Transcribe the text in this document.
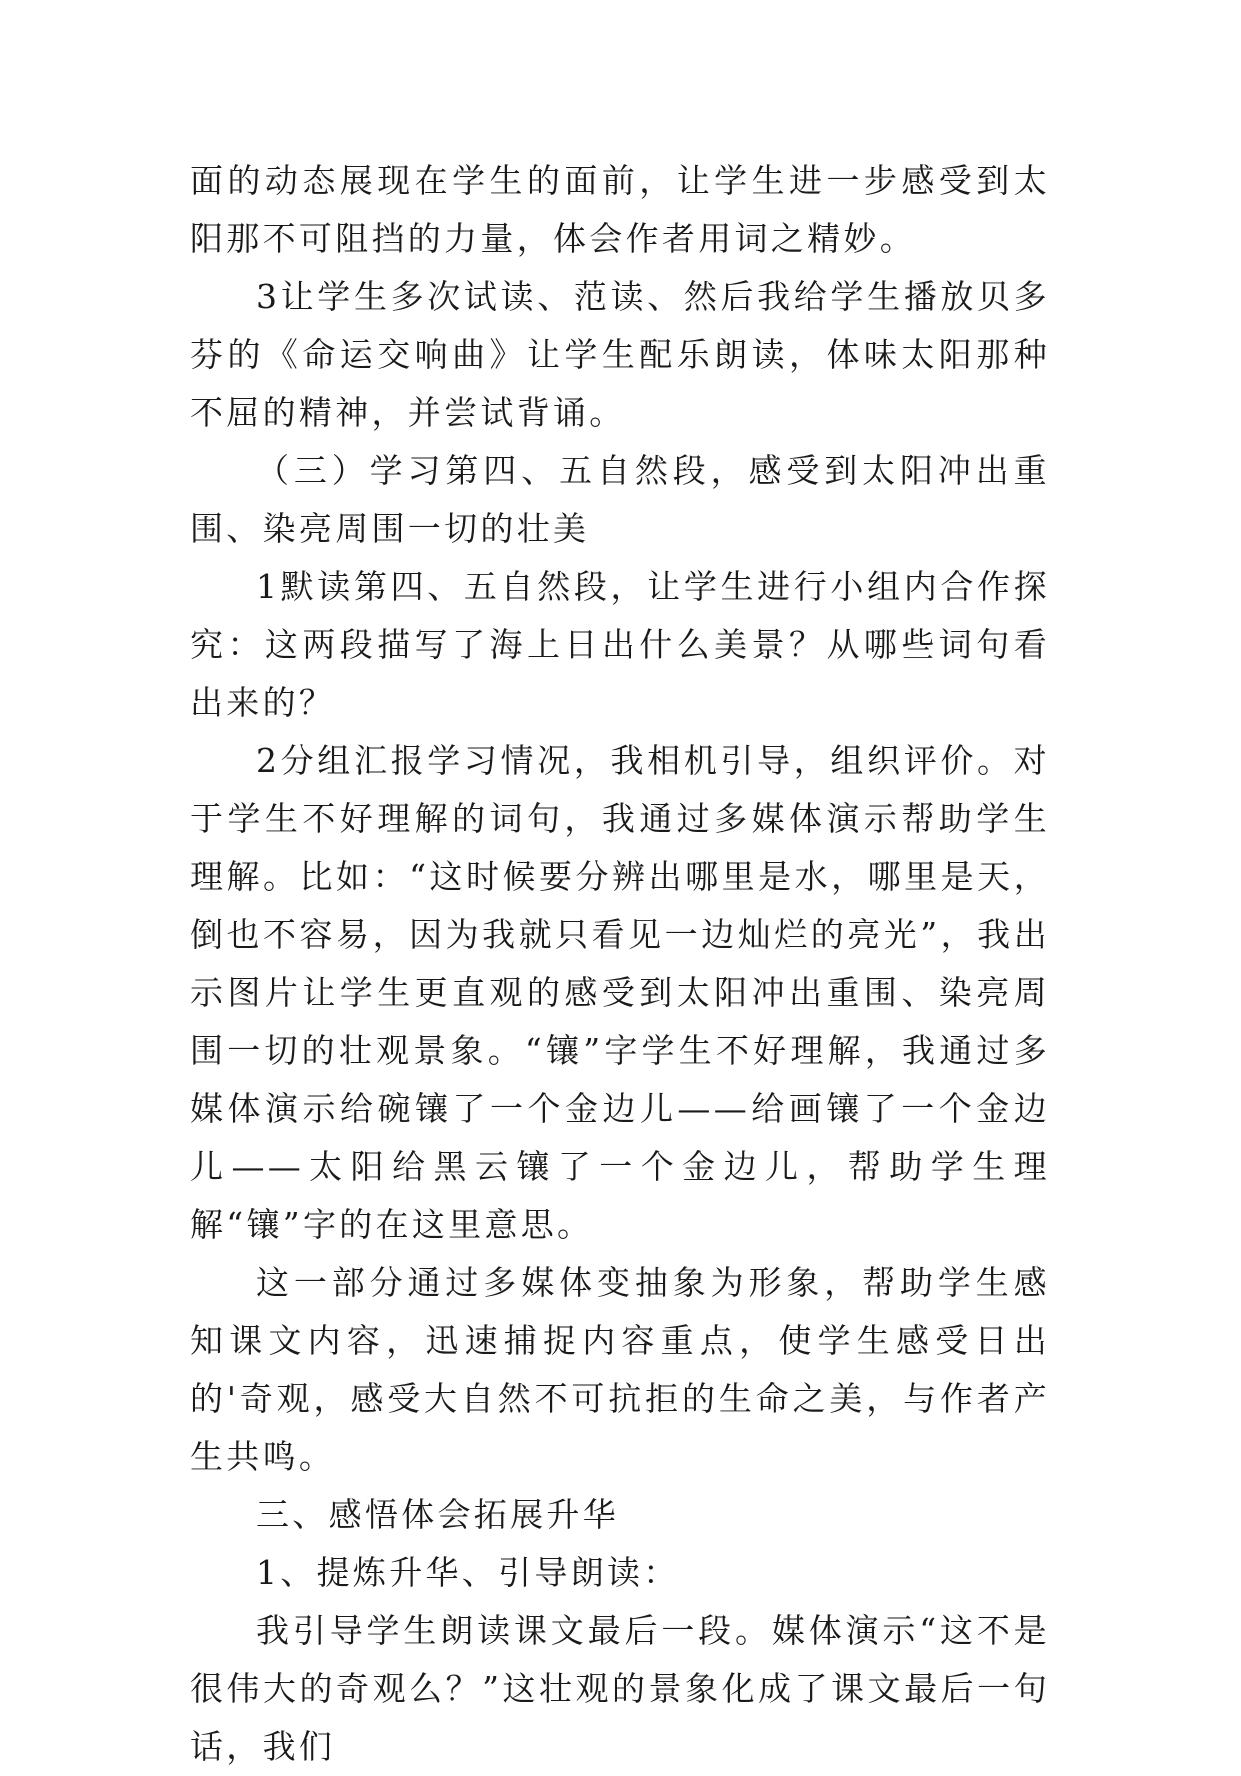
面的动态展现在学生的面前，让学生进一步感受到太阳那不可阻挡的力量，体会作者用词之精妙。

3让学生多次试读、范读、然后我给学生播放贝多芬的《命运交响曲》让学生配乐朗读，体味太阳那种不屈的精神，并尝试背诵。

（三）学习第四、五自然段，感受到太阳冲出重围、染亮周围一切的壮美

1默读第四、五自然段，让学生进行小组内合作探究：这两段描写了海上日出什么美景？从哪些词句看出来的？

2分组汇报学习情况，我相机引导，组织评价。对于学生不好理解的词句，我通过多媒体演示帮助学生理解。比如：“这时候要分辨出哪里是水，哪里是天，倒也不容易，因为我就只看见一边灿烂的亮光”，我出示图片让学生更直观的感受到太阳冲出重围、染亮周围一切的壮观景象。“镶”字学生不好理解，我通过多媒体演示给碗镶了一个金边儿——给画镶了一个金边儿——太阳给黑云镶了一个金边儿，帮助学生理解“镶”字的在这里意思。

这一部分通过多媒体变抽象为形象，帮助学生感知课文内容，迅速捕捉内容重点，使学生感受日出的'奇观，感受大自然不可抗拒的生命之美，与作者产生共鸣。

三、感悟体会拓展升华

1、提炼升华、引导朗读：

我引导学生朗读课文最后一段。媒体演示“这不是很伟大的奇观么？”这壮观的景象化成了课文最后一句话，我们
